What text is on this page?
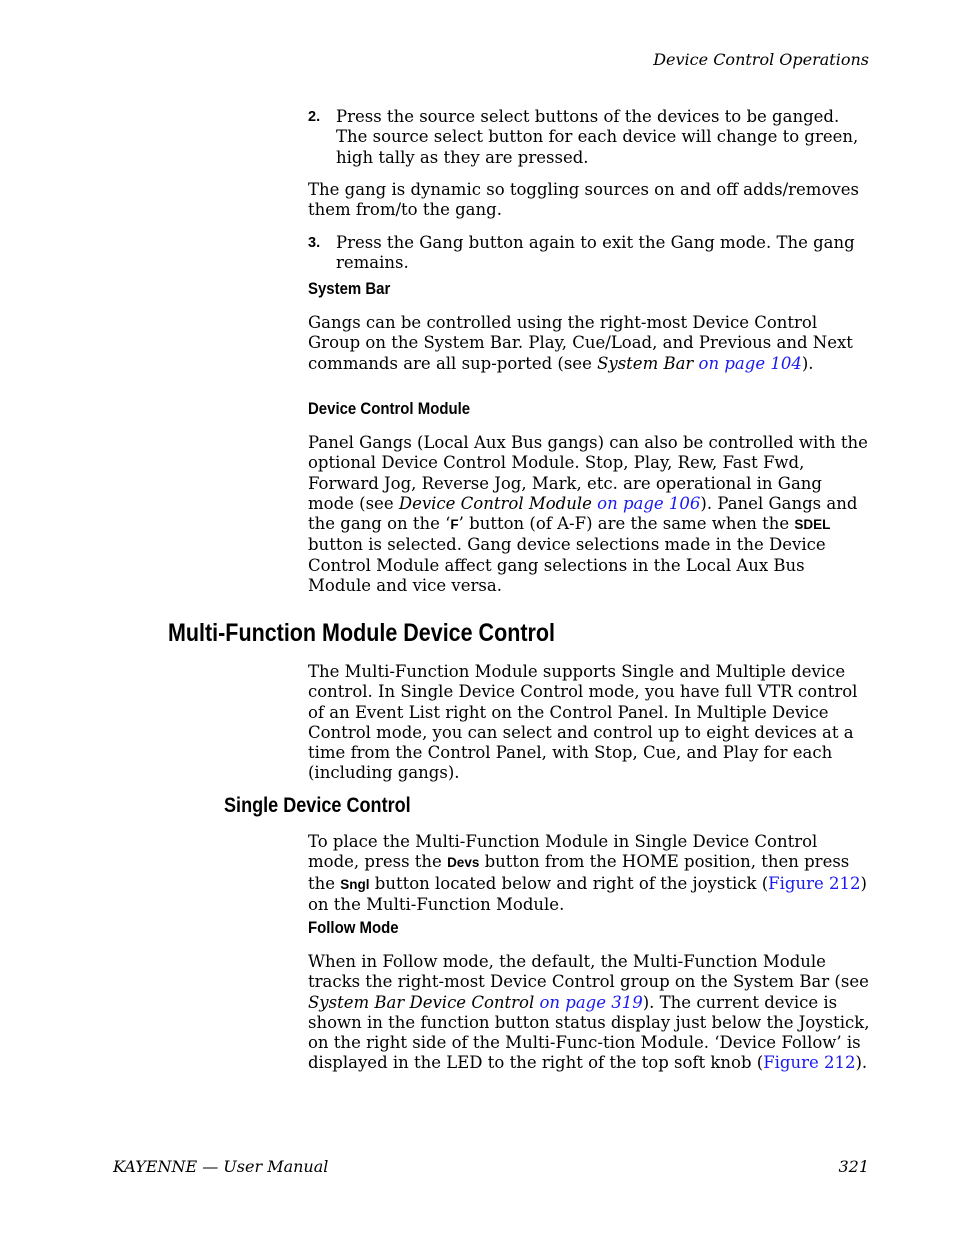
Device Control Operations
2. Press the source select buttons of the devices to be ganged. The source select button for each device will change to green, high tally as they are pressed.

The gang is dynamic so toggling sources on and off adds/removes them from/to the gang.

3. Press the Gang button again to exit the Gang mode. The gang remains.
System Bar

Gangs can be controlled using the right-most Device Control Group on the System Bar. Play, Cue/Load, and Previous and Next commands are all sup-ported (see System Bar on page 104).

Device Control Module

Panel Gangs (Local Aux Bus gangs) can also be controlled with the optional Device Control Module. Stop, Play, Rew, Fast Fwd, Forward Jog, Reverse Jog, Mark, etc. are operational in Gang mode (see Device Control Module on page 106). Panel Gangs and the gang on the ‘F’ button (of A-F) are the same when the SDEL button is selected. Gang device selections made in the Device Control Module affect gang selections in the Local Aux Bus Module and vice versa.

Multi-Function Module Device Control

The Multi-Function Module supports Single and Multiple device control. In Single Device Control mode, you have full VTR control of an Event List right on the Control Panel. In Multiple Device Control mode, you can select and control up to eight devices at a time from the Control Panel, with Stop, Cue, and Play for each (including gangs).

Single Device Control

To place the Multi-Function Module in Single Device Control mode, press the Devs button from the HOME position, then press the Sngl button located below and right of the joystick (Figure 212) on the Multi-Function Module.

Follow Mode

When in Follow mode, the default, the Multi-Function Module tracks the right-most Device Control group on the System Bar (see System Bar Device Control on page 319). The current device is shown in the function button status display just below the Joystick, on the right side of the Multi-Func-tion Module. ‘Device Follow’ is displayed in the LED to the right of the top soft knob (Figure 212).

KAYENNE — User Manual	321
